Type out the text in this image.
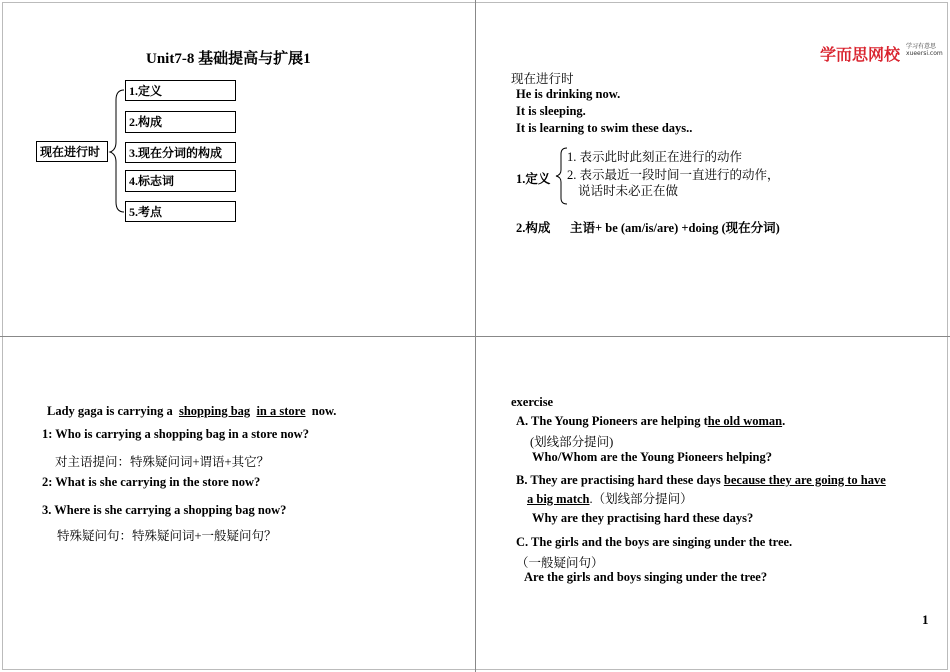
Unit7-8 基础提高与扩展1
现在进行时
1.定义
2.构成
3.现在分词的构成
4.标志词
5.考点
学而思网校 学习有意思
xueersi.com
现在进行时
He is drinking now.
It is sleeping.
It is learning to swim these days..
1.定义
1. 表示此时此刻正在进行的动作
2. 表示最近一段时间一直进行的动作，
说话时未必正在做
2.构成 主语+ be (am/is/are) +doing (现在分词)
Lady gaga is carrying a shopping bag in a store now.
1: Who is carrying a shopping bag in a store now?
对主语提问：特殊疑问词+谓语+其它？
2: What is she carrying in the store now?
3. Where is she carrying a shopping bag now?
特殊疑问句：特殊疑问词+一般疑问句？
exercise
A. The Young Pioneers are helping the old woman.
(划线部分提问)
Who/Whom are the Young Pioneers helping?
B. They are practising hard these days because they are going to have
a big match.（划线部分提问）
Why are they practising hard these days?
C. The girls and the boys are singing under the tree.
（一般疑问句）
Are the girls and boys singing under the tree?
1
